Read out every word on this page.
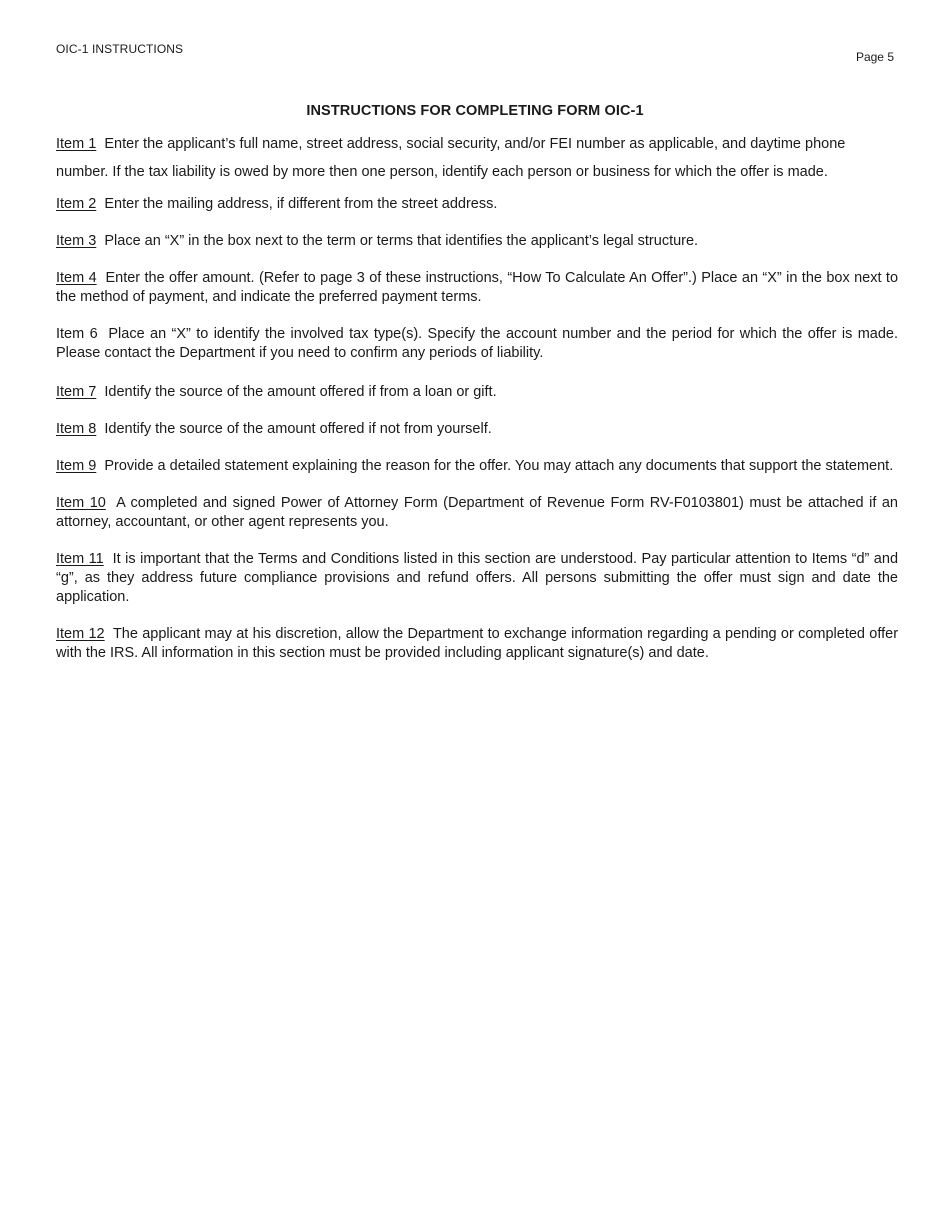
OIC-1 INSTRUCTIONS
Page 5
INSTRUCTIONS FOR COMPLETING FORM OIC-1

Item 1 Enter the applicant’s full name, street address, social security, and/or FEI number as applicable, and daytime phone number. If the tax liability is owed by more then one person, identify each person or business for which the offer is made.

Item 2 Enter the mailing address, if different from the street address.

Item 3 Place an “X” in the box next to the term or terms that identifies the applicant’s legal structure.

Item 4 Enter the offer amount. (Refer to page 3 of these instructions, “How To Calculate An Offer”.) Place an “X” in the box next to the method of payment, and indicate the preferred payment terms.

Item 6 Place an “X” to identify the involved tax type(s). Specify the account number and the period for which the offer is made. Please contact the Department if you need to confirm any periods of liability.

Item 7 Identify the source of the amount offered if from a loan or gift.

Item 8 Identify the source of the amount offered if not from yourself.

Item 9 Provide a detailed statement explaining the reason for the offer. You may attach any documents that support the statement.

Item 10 A completed and signed Power of Attorney Form (Department of Revenue Form RV-F0103801) must be attached if an attorney, accountant, or other agent represents you.

Item 11 It is important that the Terms and Conditions listed in this section are understood. Pay particular attention to Items “d” and “g”, as they address future compliance provisions and refund offers. All persons submitting the offer must sign and date the application.

Item 12 The applicant may at his discretion, allow the Department to exchange information regarding a pending or completed offer with the IRS. All information in this section must be provided including applicant signature(s) and date.
